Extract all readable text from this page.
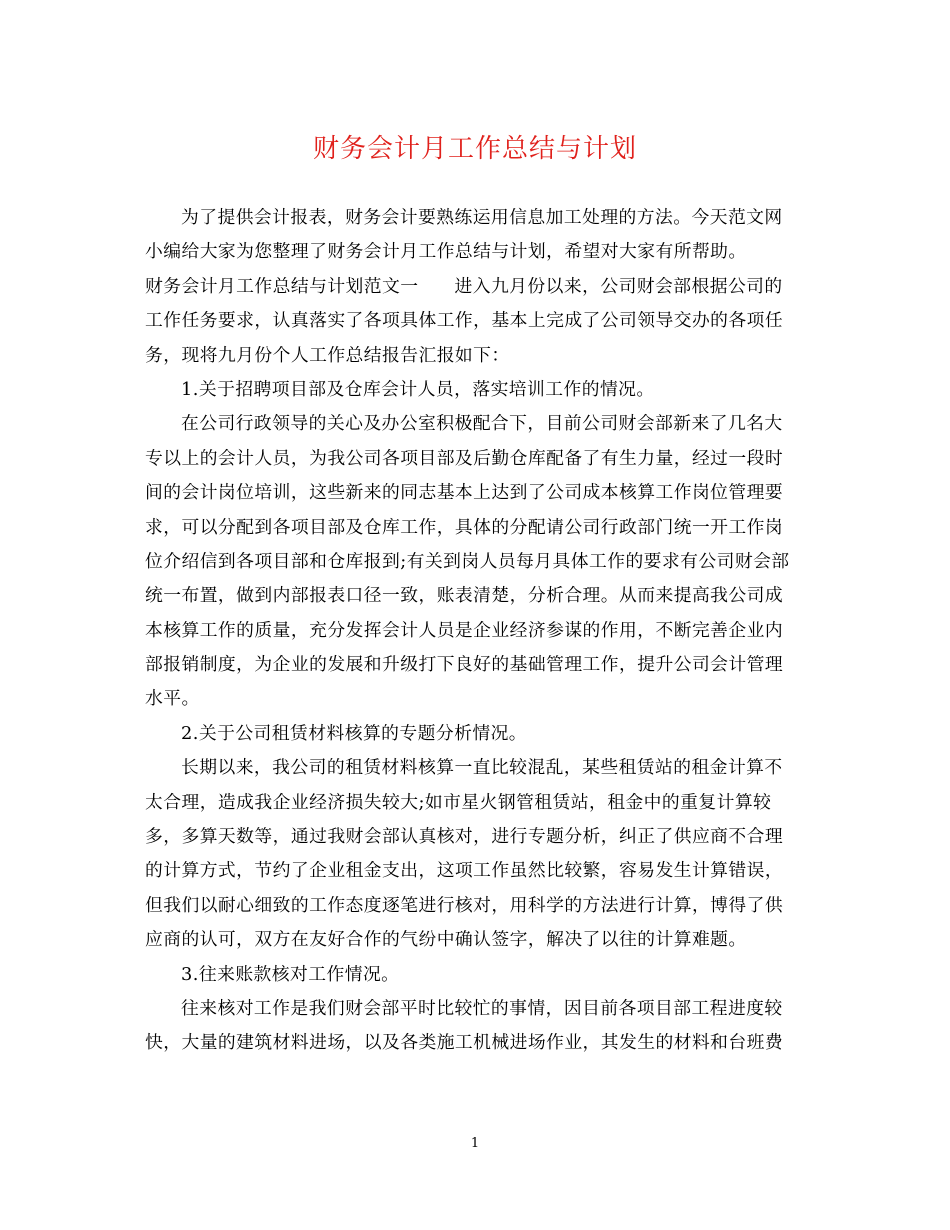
财务会计月工作总结与计划
为了提供会计报表，财务会计要熟练运用信息加工处理的方法。今天范文网
小编给大家为您整理了财务会计月工作总结与计划，希望对大家有所帮助。
财务会计月工作总结与计划范文一 进入九月份以来，公司财会部根据公司的
工作任务要求，认真落实了各项具体工作，基本上完成了公司领导交办的各项任
务，现将九月份个人工作总结报告汇报如下：
1.关于招聘项目部及仓库会计人员，落实培训工作的情况。
在公司行政领导的关心及办公室积极配合下，目前公司财会部新来了几名大
专以上的会计人员，为我公司各项目部及后勤仓库配备了有生力量，经过一段时
间的会计岗位培训，这些新来的同志基本上达到了公司成本核算工作岗位管理要
求，可以分配到各项目部及仓库工作，具体的分配请公司行政部门统一开工作岗
位介绍信到各项目部和仓库报到;有关到岗人员每月具体工作的要求有公司财会部
统一布置，做到内部报表口径一致，账表清楚，分析合理。从而来提高我公司成
本核算工作的质量，充分发挥会计人员是企业经济参谋的作用，不断完善企业内
部报销制度，为企业的发展和升级打下良好的基础管理工作，提升公司会计管理
水平。
2.关于公司租赁材料核算的专题分析情况。
长期以来，我公司的租赁材料核算一直比较混乱，某些租赁站的租金计算不
太合理，造成我企业经济损失较大;如市星火钢管租赁站，租金中的重复计算较
多，多算天数等，通过我财会部认真核对，进行专题分析，纠正了供应商不合理
的计算方式，节约了企业租金支出，这项工作虽然比较繁，容易发生计算错误，
但我们以耐心细致的工作态度逐笔进行核对，用科学的方法进行计算，博得了供
应商的认可，双方在友好合作的气纷中确认签字，解决了以往的计算难题。
3.往来账款核对工作情况。
往来核对工作是我们财会部平时比较忙的事情，因目前各项目部工程进度较
快，大量的建筑材料进场，以及各类施工机械进场作业，其发生的材料和台班费
1
